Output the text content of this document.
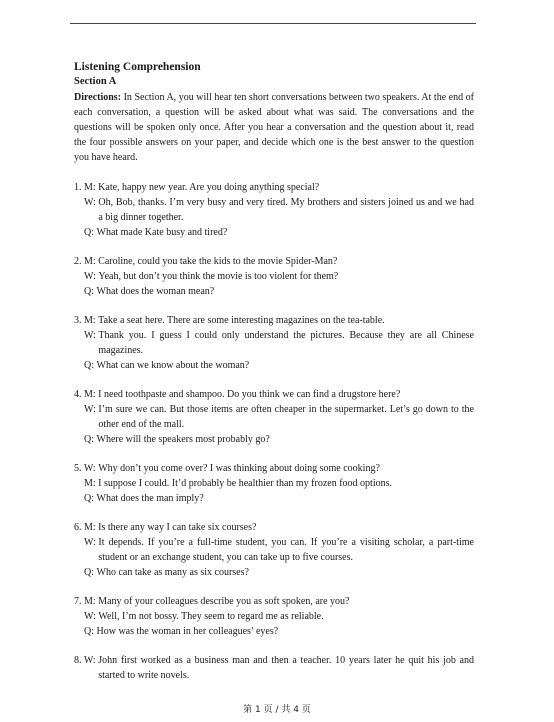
Listening Comprehension
Section A
Directions: In Section A, you will hear ten short conversations between two speakers. At the end of each conversation, a question will be asked about what was said. The conversations and the questions will be spoken only once. After you hear a conversation and the question about it, read the four possible answers on your paper, and decide which one is the best answer to the question you have heard.
1. M: Kate, happy new year. Are you doing anything special?
W: Oh, Bob, thanks. I’m very busy and very tired. My brothers and sisters joined us and we had a big dinner together.
Q: What made Kate busy and tired?
2. M: Caroline, could you take the kids to the movie Spider-Man?
W: Yeah, but don’t you think the movie is too violent for them?
Q: What does the woman mean?
3. M: Take a seat here. There are some interesting magazines on the tea-table.
W: Thank you. I guess I could only understand the pictures. Because they are all Chinese magazines.
Q: What can we know about the woman?
4. M: I need toothpaste and shampoo. Do you think we can find a drugstore here?
W: I’m sure we can. But those items are often cheaper in the supermarket. Let’s go down to the other end of the mall.
Q: Where will the speakers most probably go?
5. W: Why don’t you come over? I was thinking about doing some cooking?
M: I suppose I could. It’d probably be healthier than my frozen food options.
Q: What does the man imply?
6. M: Is there any way I can take six courses?
W: It depends. If you’re a full-time student, you can. If you’re a visiting scholar, a part-time student or an exchange student, you can take up to five courses.
Q: Who can take as many as six courses?
7. M: Many of your colleagues describe you as soft spoken, are you?
W: Well, I’m not bossy. They seem to regard me as reliable.
Q: How was the woman in her colleagues’ eyes?
8. W: John first worked as a business man and then a teacher. 10 years later he quit his job and started to write novels.
第 1 页 / 共 4 页
